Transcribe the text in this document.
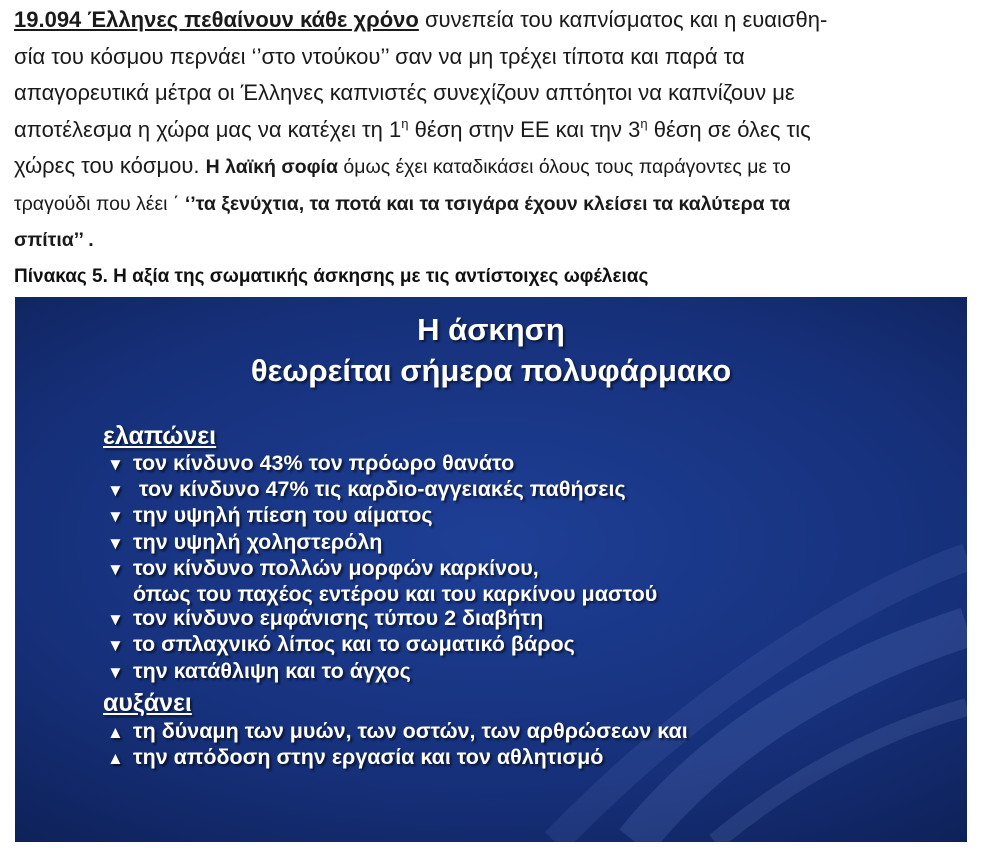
19.094 Έλληνες πεθαίνουν κάθε χρόνο συνεπεία του καπνίσματος και η ευαισθη-

σία του κόσμου περνάει ‘’στο ντούκου’’ σαν να μη τρέχει τίποτα και παρά τα

απαγορευτικά μέτρα οι Έλληνες καπνιστές συνεχίζουν απτόητοι να καπνίζουν με

αποτέλεσμα η χώρα μας να κατέχει τη $1^\eta$ θέση στην ΕΕ και την $3^\eta$ θέση σε όλες τις

χώρες του κόσμου. Η λαϊκή σοφία όμως έχει καταδικάσει όλους τους παράγοντες με το

τραγούδι που λέει ΄ ‘’τα ξενύχτια, τα ποτά και τα τσιγάρα έχουν κλείσει τα καλύτερα τα

σπίτια’’ .

Πίνακας 5. Η αξία της σωματικής άσκησης με τις αντίστοιχες ωφέλειας
Η άσκηση
θεωρείται σήμερα πολυφάρμακο
ελαπώνει
▼ τον κίνδυνο 43% τον πρόωρο θανάτο
▼ τον κίνδυνο 47% τις καρδιο-αγγειακές παθήσεις
▼ την υψηλή πίεση του αίματος
▼ την υψηλή χοληστερόλη
▼ τον κίνδυνο πολλών μορφών καρκίνου,
όπως του παχέος εντέρου και του καρκίνου μαστού
▼ τον κίνδυνο εμφάνισης τύπου 2 διαβήτη
▼ το σπλαχνικό λίπος και το σωματικό βάρος
▼ την κατάθλιψη και το άγχος
αυξάνει
▲ τη δύναμη των μυών, των οστών, των αρθρώσεων και
▲ την απόδοση στην εργασία και τον αθλητισμό
